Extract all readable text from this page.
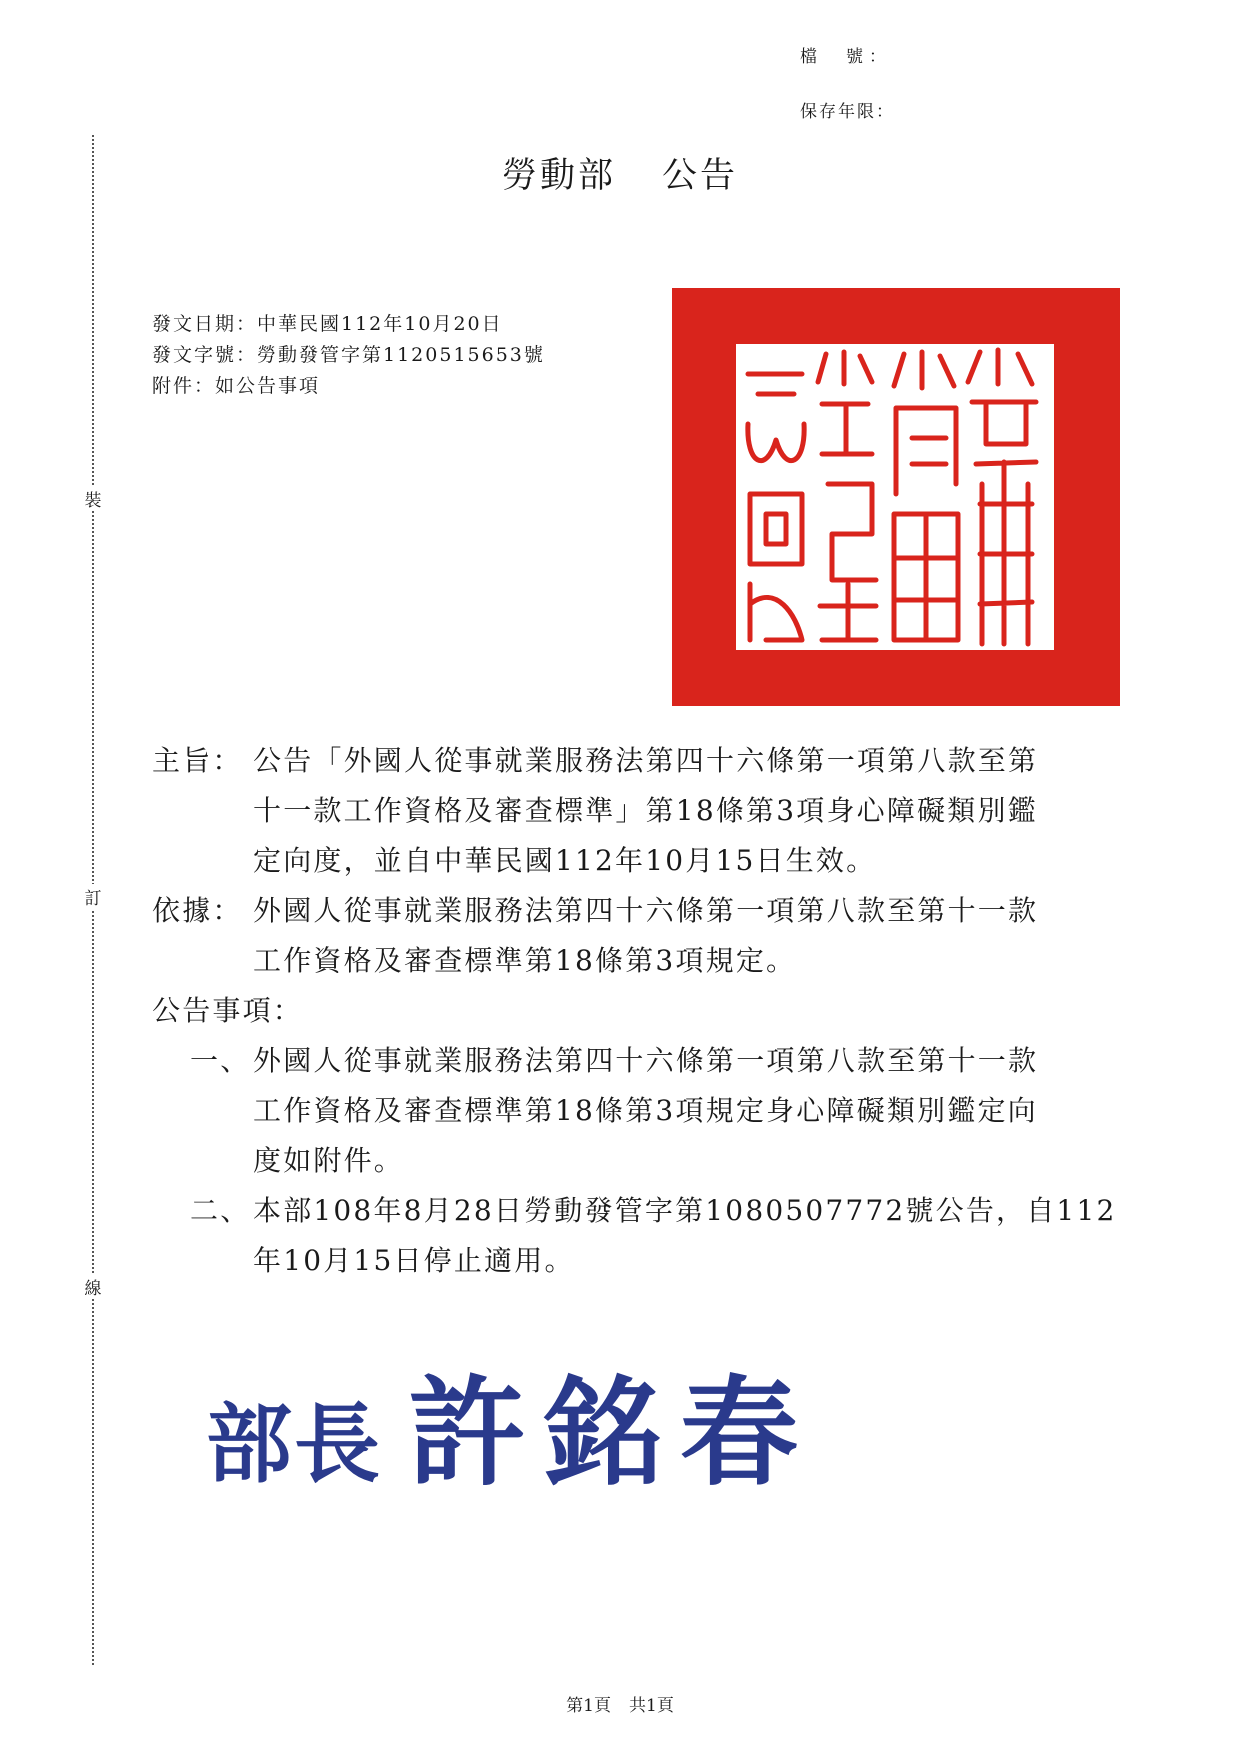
檔　號：
保存年限：
裝
訂
線
勞動部 公告
發文日期：中華民國112年10月20日
發文字號：勞動發管字第1120515653號
附件：如公告事項
主旨： 公告「外國人從事就業服務法第四十六條第一項第八款至第
十一款工作資格及審查標準」第18條第3項身心障礙類別鑑
定向度，並自中華民國112年10月15日生效。
依據： 外國人從事就業服務法第四十六條第一項第八款至第十一款
工作資格及審查標準第18條第3項規定。
公告事項：
一、 外國人從事就業服務法第四十六條第一項第八款至第十一款
工作資格及審查標準第18條第3項規定身心障礙類別鑑定向
度如附件。
二、 本部108年8月28日勞動發管字第1080507772號公告，自112
年10月15日停止適用。
部長 許銘春
第1頁 共1頁
